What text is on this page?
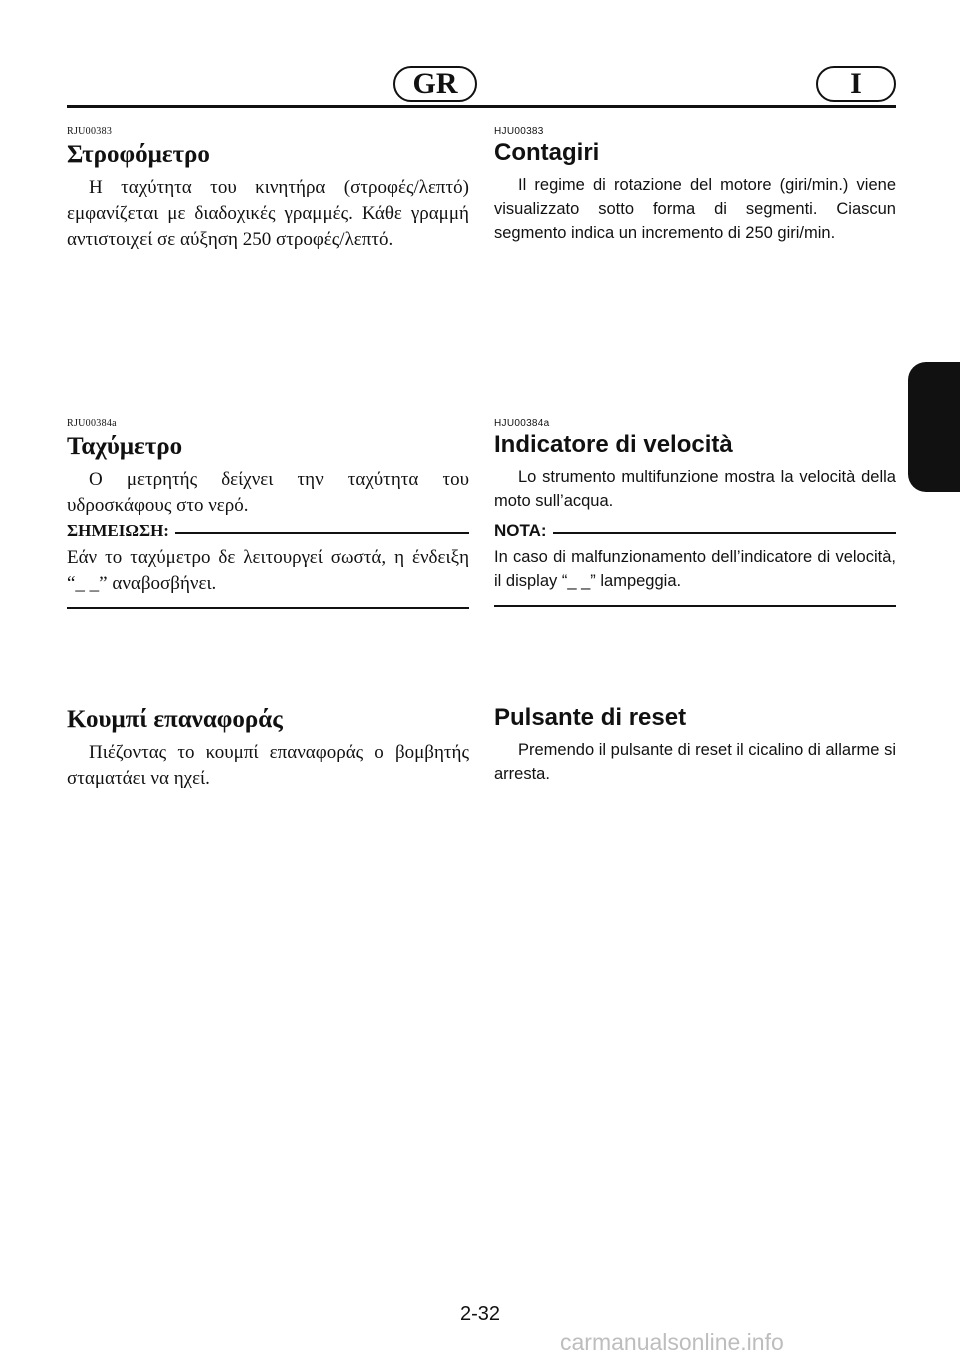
GR	I
RJU00383
Στροφόμετρο

Η ταχύτητα του κινητήρα (στροφές/λεπτό) εμφανίζεται με διαδοχικές γραμμές. Κάθε γραμμή αντιστοιχεί σε αύξηση 250 στροφές/λεπτό.

HJU00383
Contagiri

Il regime di rotazione del motore (giri/min.) viene visualizzato sotto forma di segmenti. Ciascun segmento indica un incremento di 250 giri/min.

RJU00384a
Ταχύμετρο

Ο μετρητής δείχνει την ταχύτητα του υδροσκάφους στο νερό.

ΣΗΜΕΙΩΣΗ:

Εάν το ταχύμετρο δε λειτουργεί σωστά, η ένδειξη “_ _” αναβοσβήνει.

HJU00384a
Indicatore di velocità

Lo strumento multifunzione mostra la velocità della moto sull’acqua.

NOTA:

In caso di malfunzionamento dell’indicatore di velocità, il display “_ _” lampeggia.

Κουμπί επαναφοράς

Πιέζοντας το κουμπί επαναφοράς ο βομβητής σταματάει να ηχεί.

Pulsante di reset

Premendo il pulsante di reset il cicalino di allarme si arresta.

2-32
carmanualsonline.info
